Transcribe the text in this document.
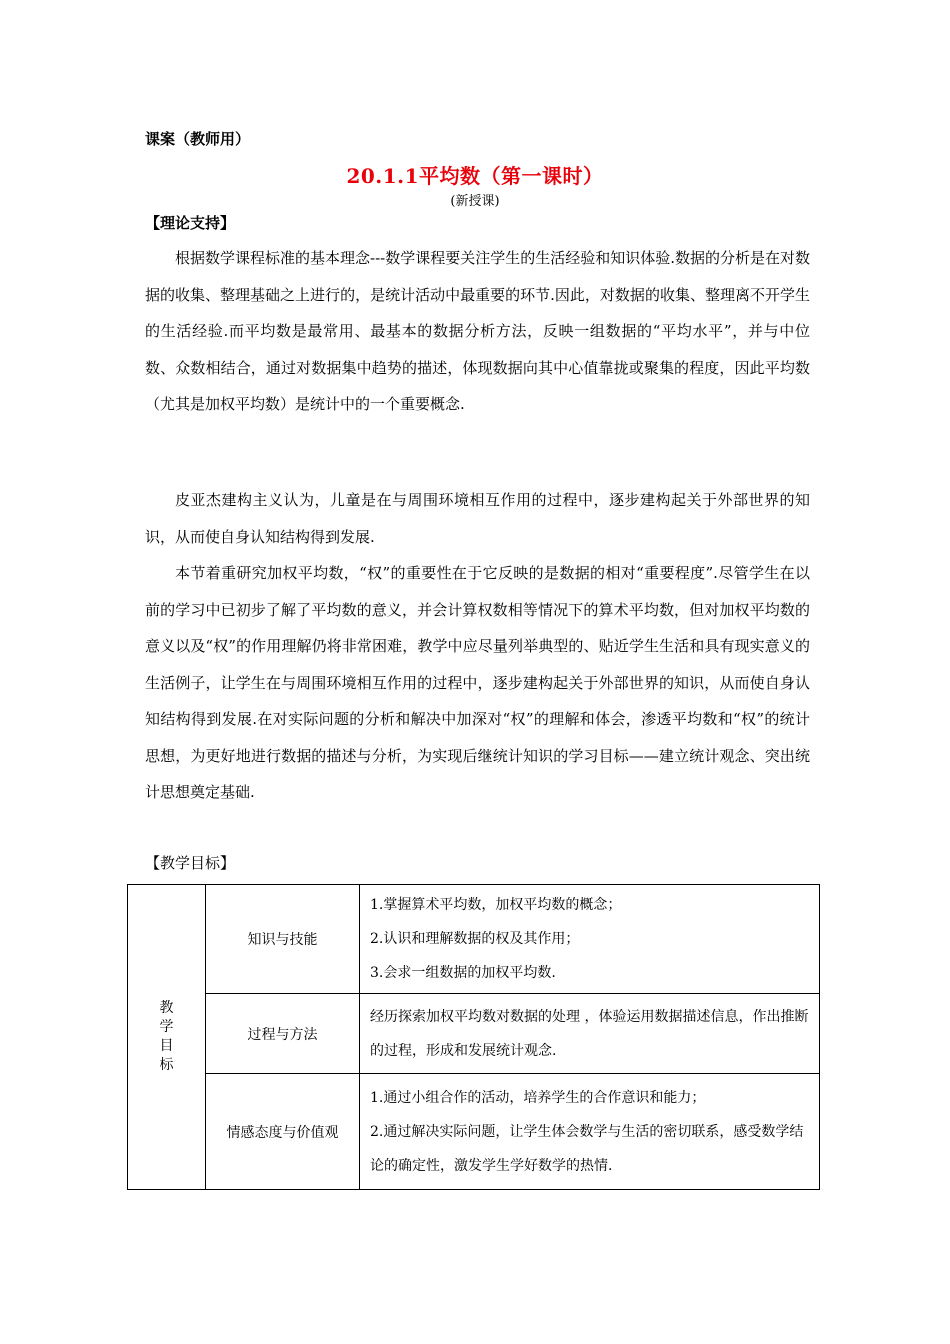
课案（教师用）
20.1.1平均数（第一课时）
(新授课)
【理论支持】

根据数学课程标准的基本理念---数学课程要关注学生的生活经验和知识体验.数据的分析是在对数据的收集、整理基础之上进行的，是统计活动中最重要的环节.因此，对数据的收集、整理离不开学生的生活经验.而平均数是最常用、最基本的数据分析方法，反映一组数据的“平均水平”，并与中位数、众数相结合，通过对数据集中趋势的描述，体现数据向其中心值靠拢或聚集的程度，因此平均数（尤其是加权平均数）是统计中的一个重要概念.

皮亚杰建构主义认为，儿童是在与周围环境相互作用的过程中，逐步建构起关于外部世界的知识，从而使自身认知结构得到发展.

本节着重研究加权平均数，“权”的重要性在于它反映的是数据的相对“重要程度”.尽管学生在以前的学习中已初步了解了平均数的意义，并会计算权数相等情况下的算术平均数，但对加权平均数的意义以及“权”的作用理解仍将非常困难，教学中应尽量列举典型的、贴近学生生活和具有现实意义的生活例子，让学生在与周围环境相互作用的过程中，逐步建构起关于外部世界的知识，从而使自身认知结构得到发展.在对实际问题的分析和解决中加深对“权”的理解和体会，渗透平均数和“权”的统计思想，为更好地进行数据的描述与分析，为实现后继统计知识的学习目标——建立统计观念、突出统计思想奠定基础.

【教学目标】
教学目标	知识与技能	1.掌握算术平均数，加权平均数的概念；
2.认识和理解数据的权及其作用；
3.会求一组数据的加权平均数.

	过程与方法	经历探索加权平均数对数据的处理 ，体验运用数据描述信息，作出推断的过程，形成和发展统计观念.

	情感态度与价值观	1.通过小组合作的活动，培养学生的合作意识和能力；
2.通过解决实际问题，让学生体会数学与生活的密切联系，感受数学结论的确定性，激发学生学好数学的热情.
